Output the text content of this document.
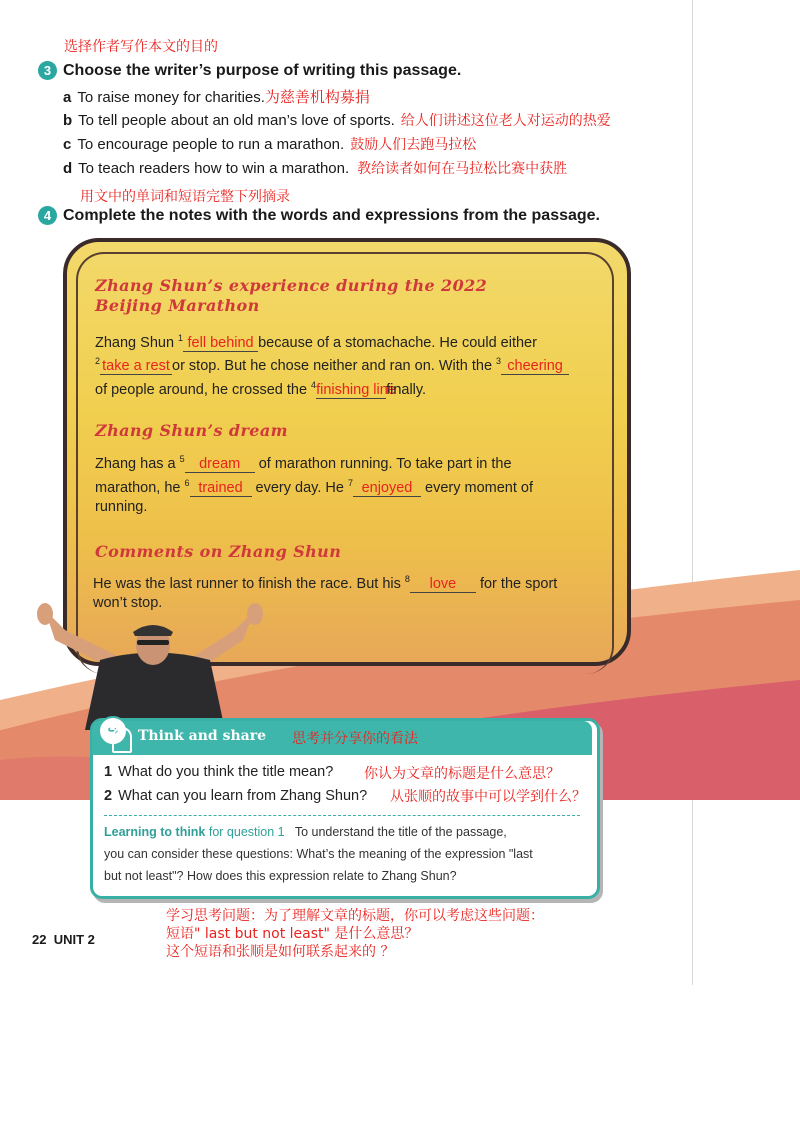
选择作者写作本文的目的
3 Choose the writer’s purpose of writing this passage.
a To raise money for charities.为慈善机构募捐
b To tell people about an old man’s love of sports. 给人们讲述这位老人对运动的热爱
c To encourage people to run a marathon. 鼓励人们去跑马拉松
d To teach readers how to win a marathon. 教给读者如何在马拉松比赛中获胜
用文中的单词和短语完整下列摘录
4 Complete the notes with the words and expressions from the passage.
Zhang Shun’s experience during the 2022
Beijing Marathon
Zhang Shun $^1$ fell behind because of a stomachache. He could either
$^2$ take a rest or stop. But he chose neither and ran on. With the $^3$ cheering
of people around, he crossed the $^4$finishing linefinally.
Zhang Shun’s dream
Zhang has a $^5$ dream of marathon running. To take part in the
marathon, he $^6$ trained every day. He $^7$ enjoyed every moment of
running.
Comments on Zhang Shun
He was the last runner to finish the race. But his $^8$ love for the sport
won’t stop.
↪	Think and share 思考并分享你的看法
1 What do you think the title mean? 你认为文章的标题是什么意思？
2 What can you learn from Zhang Shun? 从张顺的故事中可以学到什么？
Learning to think for question 1 To understand the title of the passage,
you can consider these questions: What’s the meaning of the expression "last
but not least"? How does this expression relate to Zhang Shun?
学习思考问题：为了理解文章的标题，你可以考虑这些问题：
短语" last but not least" 是什么意思？
这个短语和张顺是如何联系起来的 ？
22 UNIT 2
